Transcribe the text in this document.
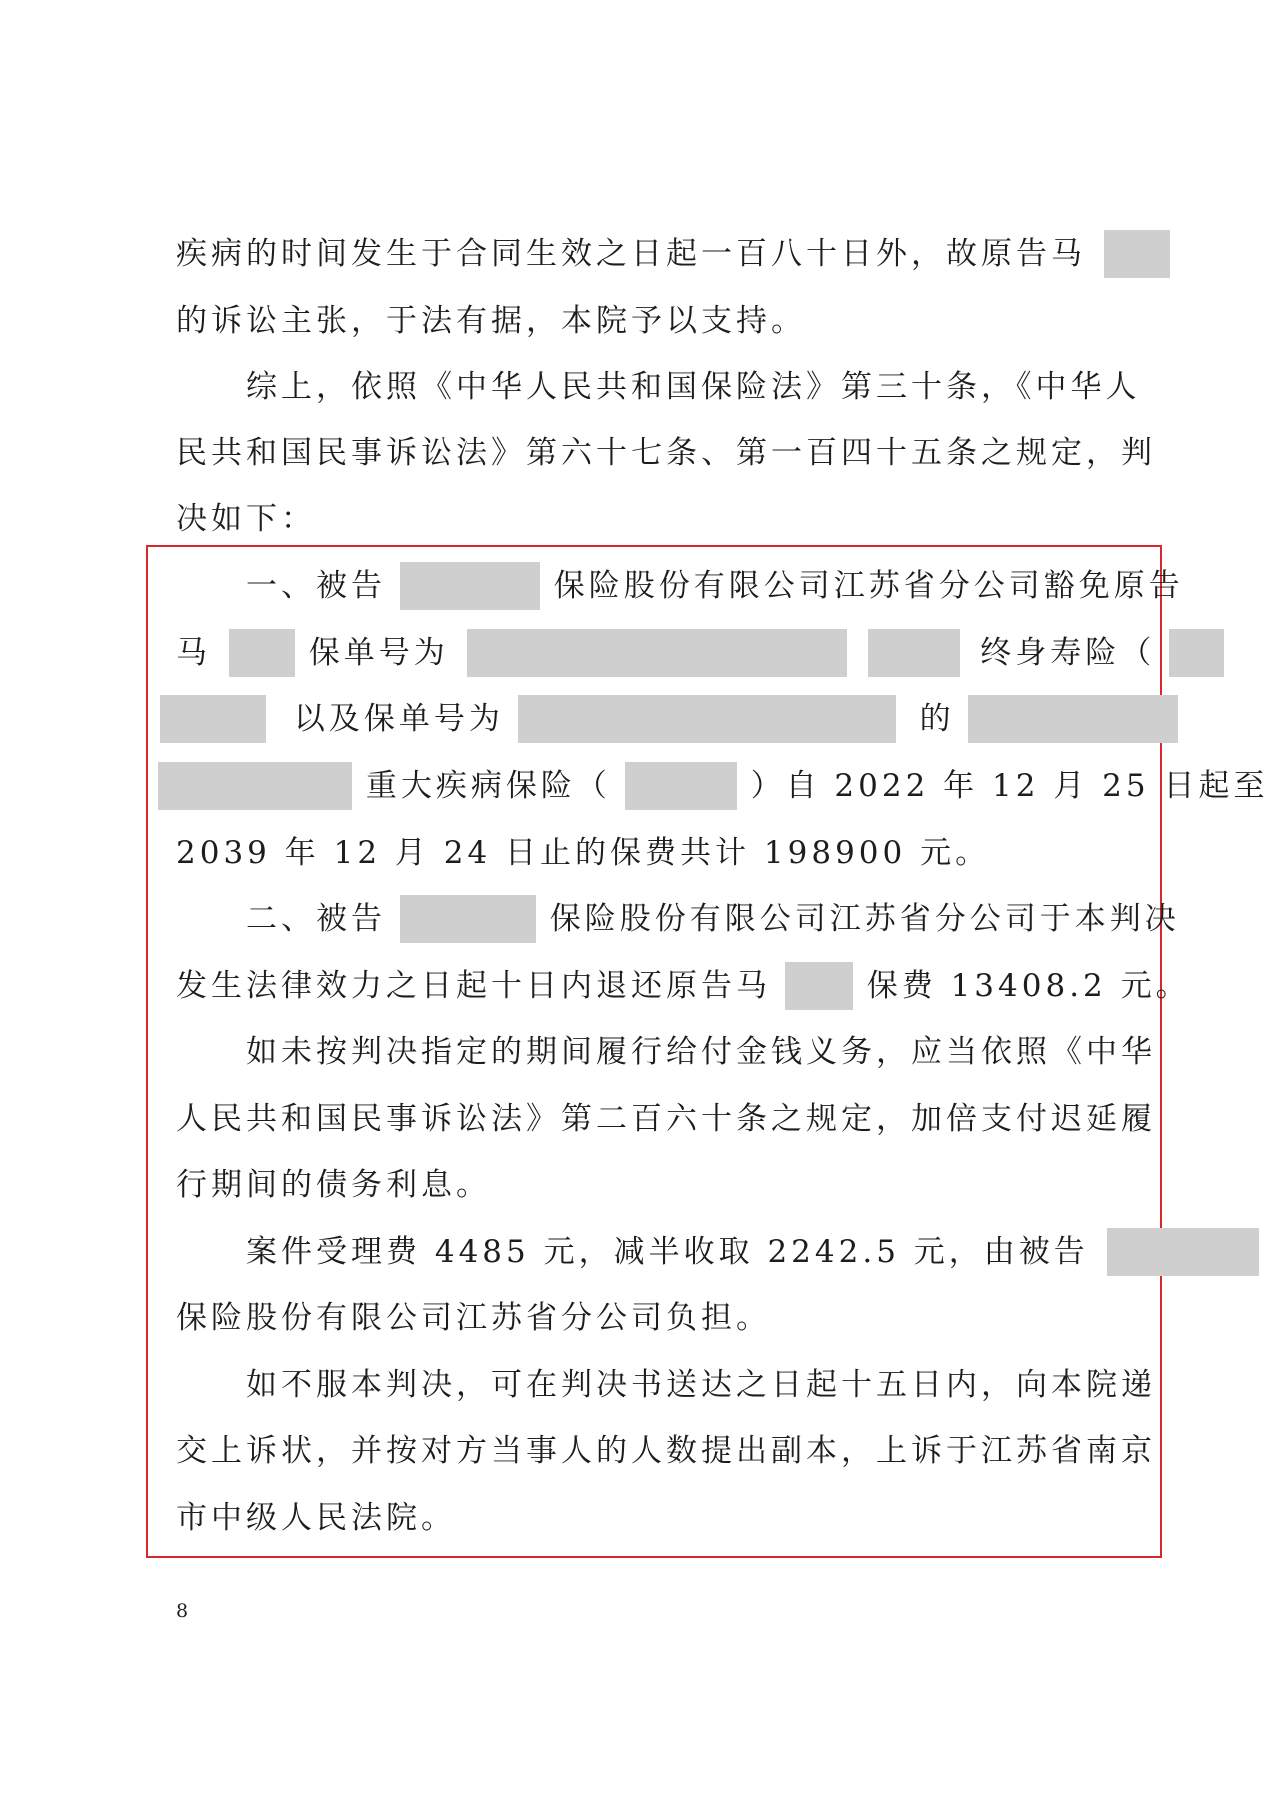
疾病的时间发生于合同生效之日起一百八十日外，故原告马
的诉讼主张，于法有据，本院予以支持。
综上，依照《中华人民共和国保险法》第三十条，《中华人
民共和国民事诉讼法》第六十七条、第一百四十五条之规定，判
决如下：
一、被告	保险股份有限公司江苏省分公司豁免原告
马	保单号为	终身寿险（
以及保单号为	的
重大疾病保险（	）自 2022 年 12 月 25 日起至
2039 年 12 月 24 日止的保费共计 198900 元。
二、被告	保险股份有限公司江苏省分公司于本判决
发生法律效力之日起十日内退还原告马	保费 13408.2 元。
如未按判决指定的期间履行给付金钱义务，应当依照《中华
人民共和国民事诉讼法》第二百六十条之规定，加倍支付迟延履
行期间的债务利息。
案件受理费 4485 元，减半收取 2242.5 元，由被告
保险股份有限公司江苏省分公司负担。
如不服本判决，可在判决书送达之日起十五日内，向本院递
交上诉状，并按对方当事人的人数提出副本，上诉于江苏省南京
市中级人民法院。
8
